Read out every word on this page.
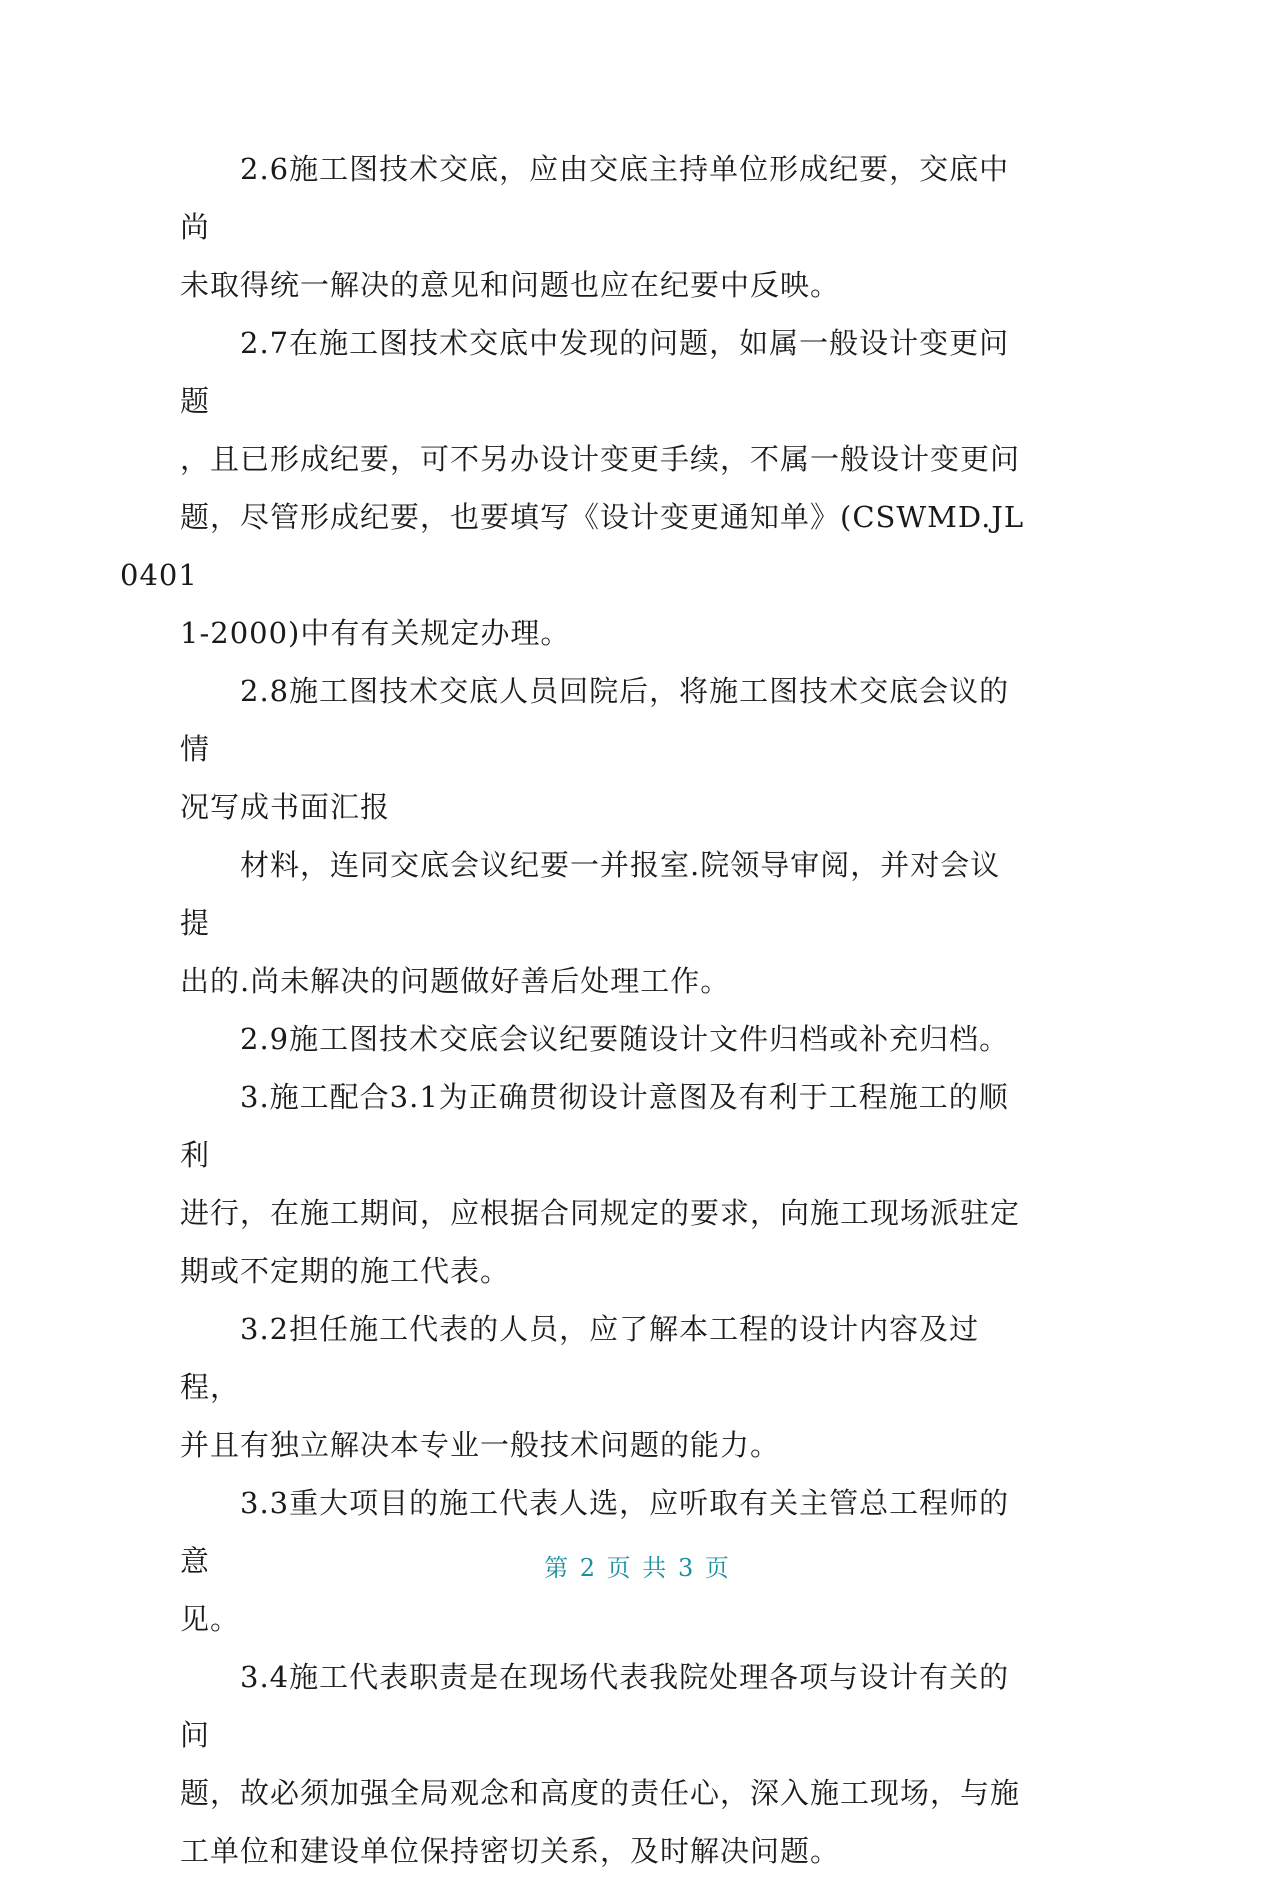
2.6施工图技术交底，应由交底主持单位形成纪要，交底中尚
未取得统一解决的意见和问题也应在纪要中反映。

2.7在施工图技术交底中发现的问题，如属一般设计变更问题
，且已形成纪要，可不另办设计变更手续，不属一般设计变更问
题，尽管形成纪要，也要填写《设计变更通知单》(CSWMD.JL0401
1-2000)中有有关规定办理。

2.8施工图技术交底人员回院后，将施工图技术交底会议的情
况写成书面汇报

材料，连同交底会议纪要一并报室.院领导审阅，并对会议提
出的.尚未解决的问题做好善后处理工作。

2.9施工图技术交底会议纪要随设计文件归档或补充归档。

3.施工配合3.1为正确贯彻设计意图及有利于工程施工的顺利
进行，在施工期间，应根据合同规定的要求，向施工现场派驻定
期或不定期的施工代表。

3.2担任施工代表的人员，应了解本工程的设计内容及过程，
并且有独立解决本专业一般技术问题的能力。

3.3重大项目的施工代表人选，应听取有关主管总工程师的意
见。

3.4施工代表职责是在现场代表我院处理各项与设计有关的问
题，故必须加强全局观念和高度的责任心，深入施工现场，与施
工单位和建设单位保持密切关系，及时解决问题。

第 2 页 共 3 页
